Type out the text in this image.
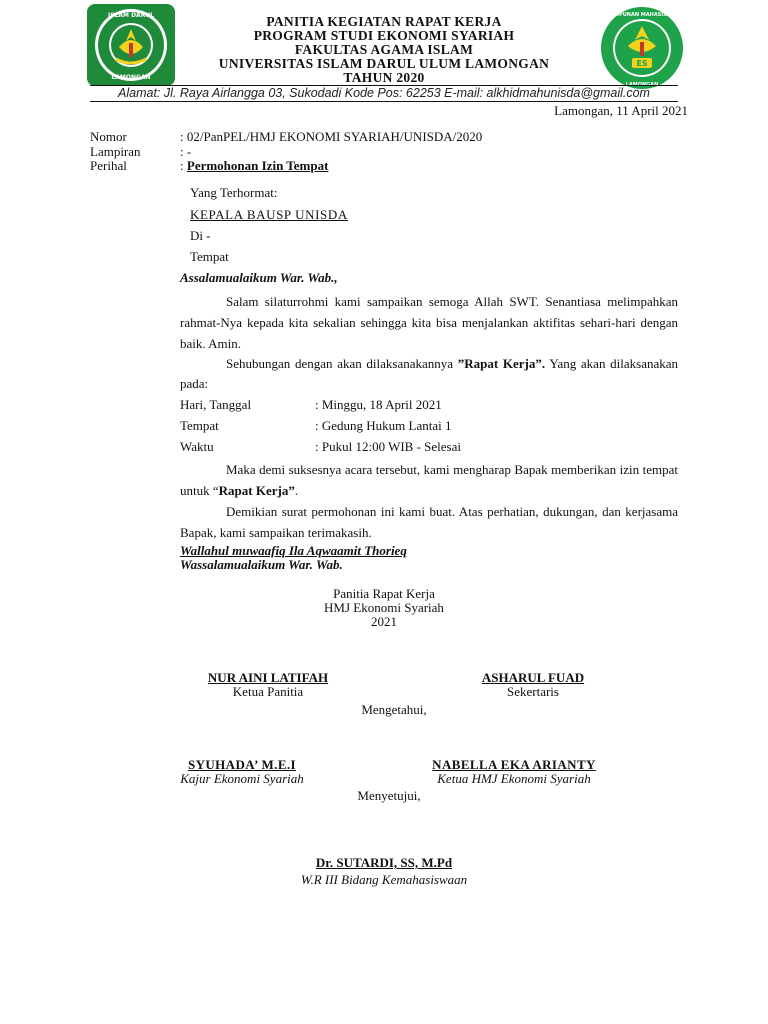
ISLAM DARUL
LAMONGAN
ES
HIMPUNAN MAHASISWA
PANITIA KEGIATAN RAPAT KERJA
PROGRAM STUDI EKONOMI SYARIAH
FAKULTAS AGAMA ISLAM
UNIVERSITAS ISLAM DARUL ULUM LAMONGAN
TAHUN 2020
Alamat: Jl. Raya Airlangga 03, Sukodadi Kode Pos: 62253 E-mail: alkhidmahunisda@gmail.com
Lamongan, 11 April 2021
Nomor	: 02/PanPEL/HMJ EKONOMI SYARIAH/UNISDA/2020
Lampiran	: -
Perihal	: Permohonan Izin Tempat
Yang Terhormat:
KEPALA BAUSP UNISDA
Di -
Tempat
Assalamualaikum War. Wab.,
Salam silaturrohmi kami sampaikan semoga Allah SWT. Senantiasa melimpahkan rahmat-Nya kepada kita sekalian sehingga kita bisa menjalankan aktifitas sehari-hari dengan baik. Amin.
Sehubungan dengan akan dilaksanakannya ”Rapat Kerja”. Yang akan dilaksanakan pada:
Hari, Tanggal	: Minggu, 18 April 2021
Tempat	: Gedung Hukum Lantai 1
Waktu	: Pukul 12:00 WIB - Selesai
Maka demi suksesnya acara tersebut, kami mengharap Bapak memberikan izin tempat untuk “Rapat Kerja”.
Demikian surat permohonan ini kami buat. Atas perhatian, dukungan, dan kerjasama Bapak, kami sampaikan terimakasih.
Wallahul muwaafiq Ila Aqwaamit Thorieq
Wassalamualaikum War. Wab.
Panitia Rapat Kerja
HMJ Ekonomi Syariah
2021
NUR AINI LATIFAH
Ketua Panitia
ASHARUL FUAD
Sekertaris
Mengetahui,
SYUHADA’ M.E.I
Kajur Ekonomi Syariah
NABELLA EKA ARIANTY
Ketua HMJ Ekonomi Syariah
Menyetujui,
Dr. SUTARDI, SS, M.Pd
W.R III Bidang Kemahasiswaan
